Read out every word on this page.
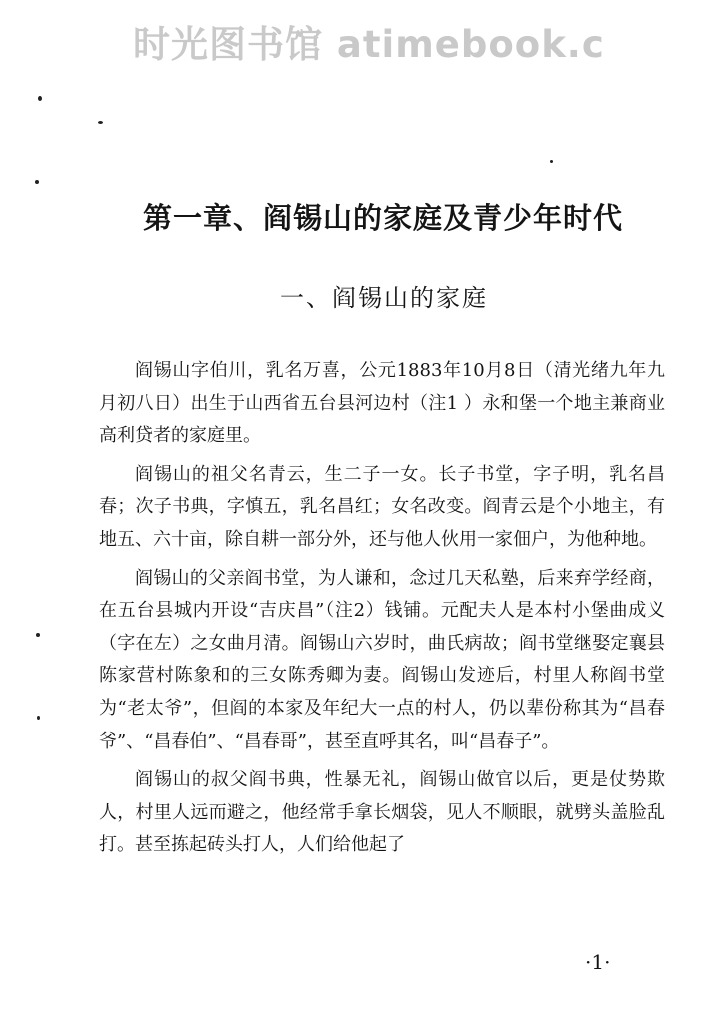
时光图书馆 atimebook.c
第一章、阎锡山的家庭及青少年时代
一、阎锡山的家庭

阎锡山字伯川，乳名万喜，公元1883年10月8日（清光绪九年九月初八日）出生于山西省五台县河边村（注1 ）永和堡一个地主兼商业高利贷者的家庭里。

阎锡山的祖父名青云，生二子一女。长子书堂，字子明，乳名昌春；次子书典，字慎五，乳名昌红；女名改变。阎青云是个小地主，有地五、六十亩，除自耕一部分外，还与他人伙用一家佃户，为他种地。

阎锡山的父亲阎书堂，为人谦和，念过几天私塾，后来弃学经商，在五台县城内开设“吉庆昌”（注2）钱铺。元配夫人是本村小堡曲成义（字在左）之女曲月清。阎锡山六岁时，曲氏病故；阎书堂继娶定襄县陈家营村陈象和的三女陈秀卿为妻。阎锡山发迹后，村里人称阎书堂为“老太爷”，但阎的本家及年纪大一点的村人，仍以辈份称其为“昌春爷”、“昌春伯”、“昌春哥”，甚至直呼其名，叫“昌春子”。

阎锡山的叔父阎书典，性暴无礼，阎锡山做官以后，更是仗势欺人，村里人远而避之，他经常手拿长烟袋，见人不顺眼，就劈头盖脸乱打。甚至拣起砖头打人，人们给他起了

·1·
